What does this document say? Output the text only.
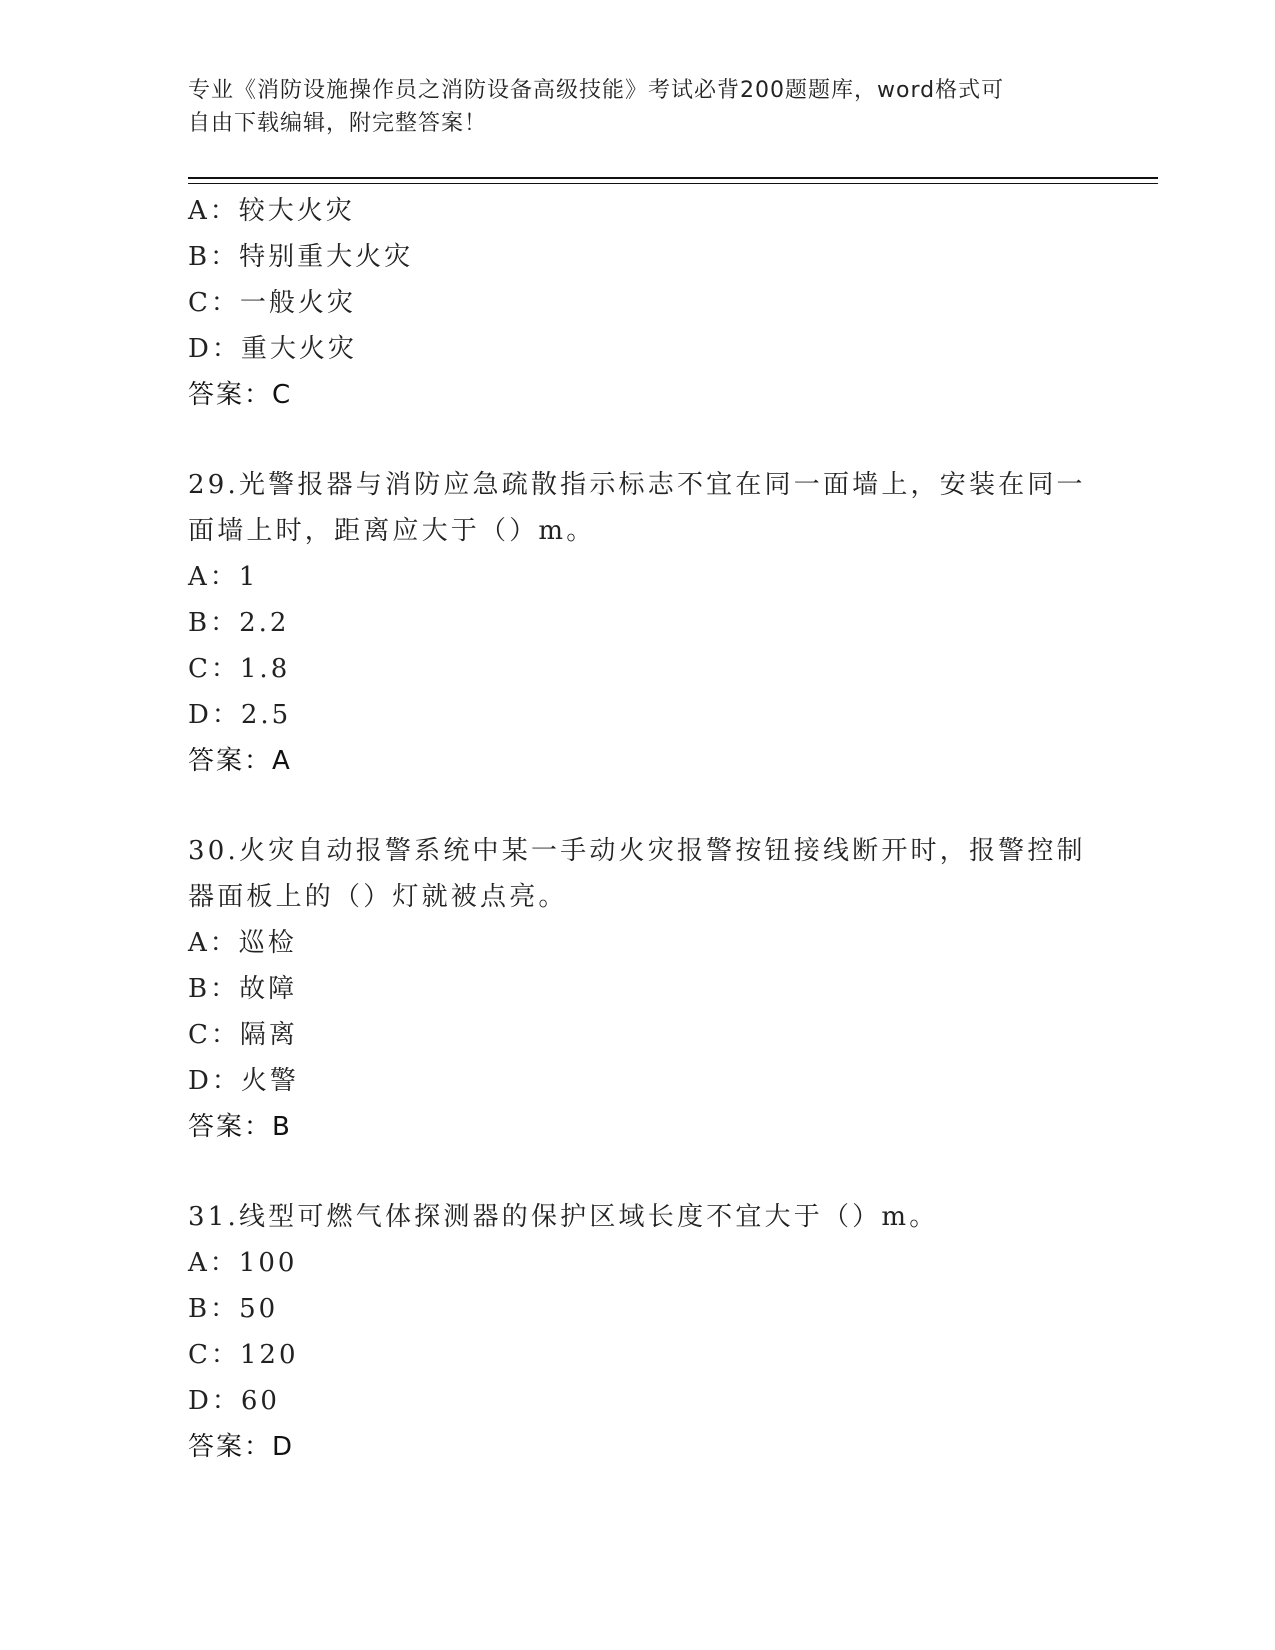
专业《消防设施操作员之消防设备高级技能》考试必背200题题库，word格式可
自由下载编辑，附完整答案！
A：较大火灾
B：特别重大火灾
C：一般火灾
D：重大火灾
答案：C
29.光警报器与消防应急疏散指示标志不宜在同一面墙上，安装在同一
面墙上时，距离应大于（）m。
A：1
B：2.2
C：1.8
D：2.5
答案：A
30.火灾自动报警系统中某一手动火灾报警按钮接线断开时，报警控制
器面板上的（）灯就被点亮。
A：巡检
B：故障
C：隔离
D：火警
答案：B
31.线型可燃气体探测器的保护区域长度不宜大于（）m。
A：100
B：50
C：120
D：60
答案：D
